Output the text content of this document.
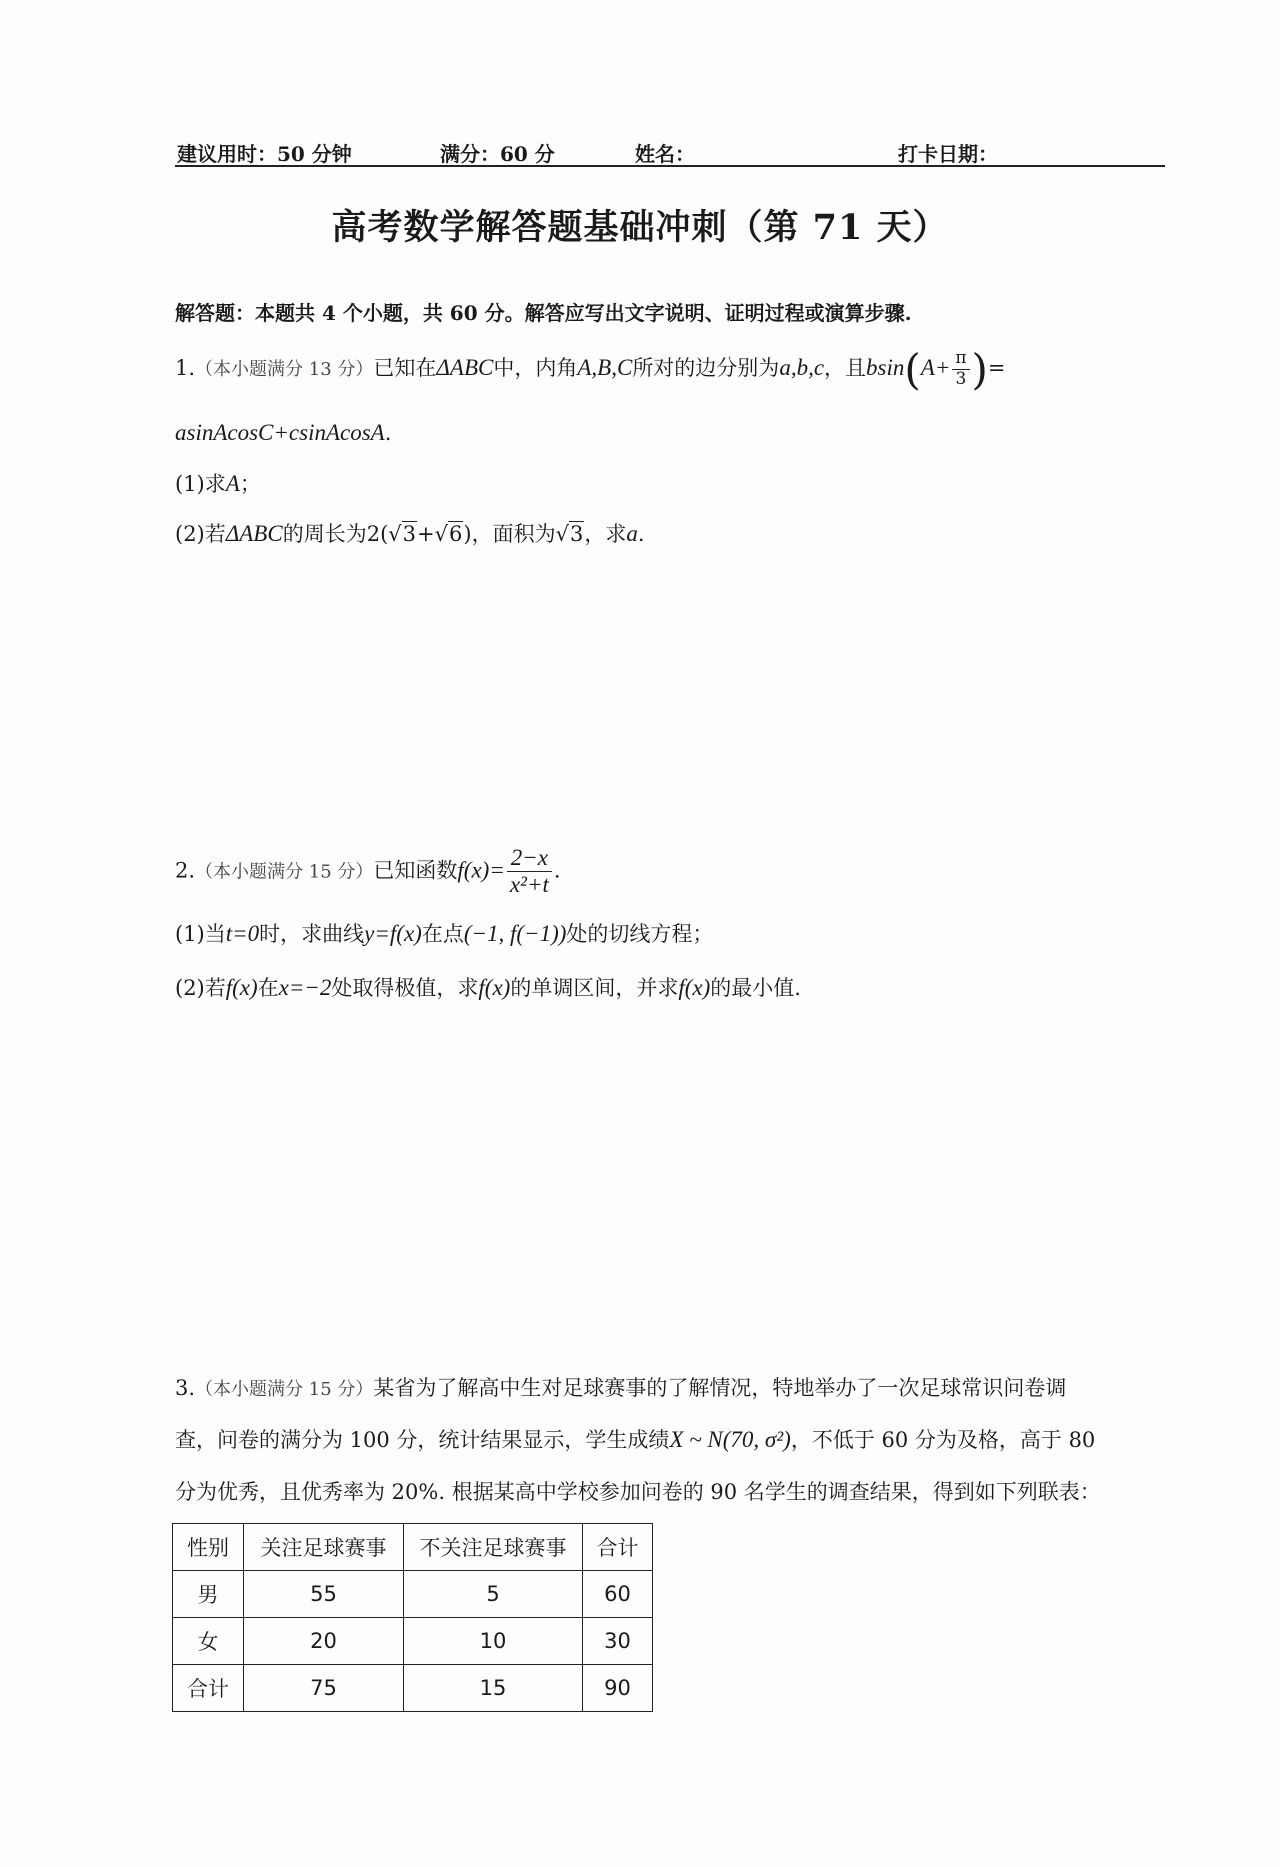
建议用时：50 分钟	满分：60 分	姓名：	打卡日期：
高考数学解答题基础冲刺（第 71 天）
解答题：本题共 4 个小题，共 60 分。解答应写出文字说明、证明过程或演算步骤.
1.（本小题满分 13 分）已知在ΔABC中，内角A,B,C所对的边分别为a,b,c，且$bsin(A+ \frac{\pi}{3}$ )=
asinAcosC+csinAcosA.
(1)求A；
(2)若ΔABC的周长为2(√3+√6)，面积为√3，求a.
2.（本小题满分 15 分）已知函数$f(x)= \frac{2-x}{\text{x²+t}}$ .
(1)当t=0时，求曲线y=f(x)在点(−1, f(−1))处的切线方程；
(2)若f(x)在x=−2处取得极值，求f(x)的单调区间，并求f(x)的最小值.
3.（本小题满分 15 分）某省为了解高中生对足球赛事的了解情况，特地举办了一次足球常识问卷调
查，问卷的满分为 100 分，统计结果显示，学生成绩X ~ N(70, σ²)，不低于 60 分为及格，高于 80
分为优秀，且优秀率为 20%. 根据某高中学校参加问卷的 90 名学生的调查结果，得到如下列联表：
性别	关注足球赛事	不关注足球赛事	合计
男	55	5	60
女	20	10	30
合计	75	15	90
